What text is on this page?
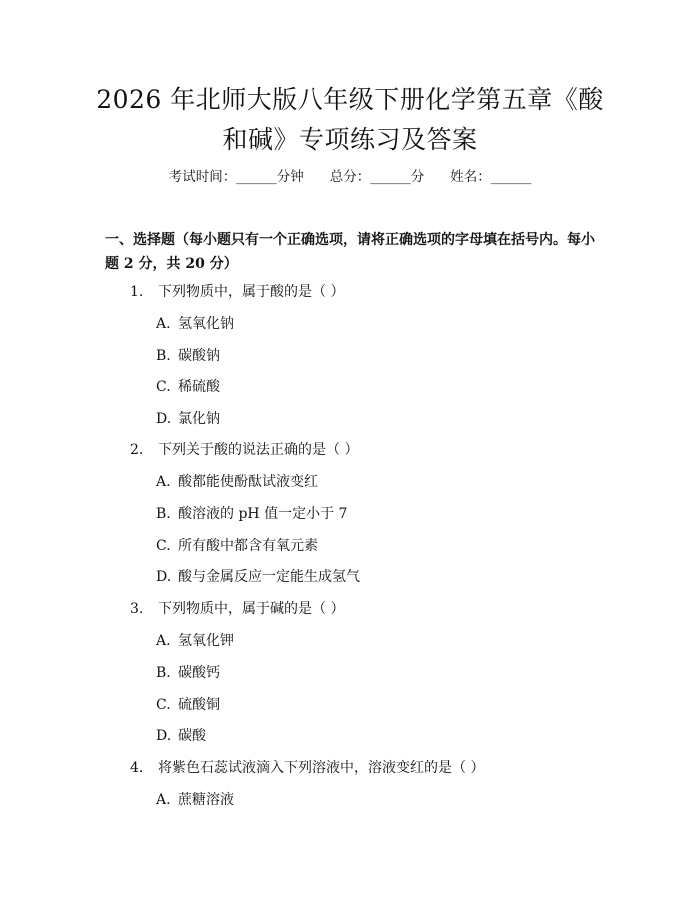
2026 年北师大版八年级下册化学第五章《酸
和碱》专项练习及答案
考试时间：______分钟 总分：______分 姓名：______
一、选择题（每小题只有一个正确选项，请将正确选项的字母填在括号内。每小
题 2 分，共 20 分）
1. 下列物质中，属于酸的是（ ）
A. 氢氧化钠
B. 碳酸钠
C. 稀硫酸
D. 氯化钠
2. 下列关于酸的说法正确的是（ ）
A. 酸都能使酚酞试液变红
B. 酸溶液的 pH 值一定小于 7
C. 所有酸中都含有氧元素
D. 酸与金属反应一定能生成氢气
3. 下列物质中，属于碱的是（ ）
A. 氢氧化钾
B. 碳酸钙
C. 硫酸铜
D. 碳酸
4. 将紫色石蕊试液滴入下列溶液中，溶液变红的是（ ）
A. 蔗糖溶液
